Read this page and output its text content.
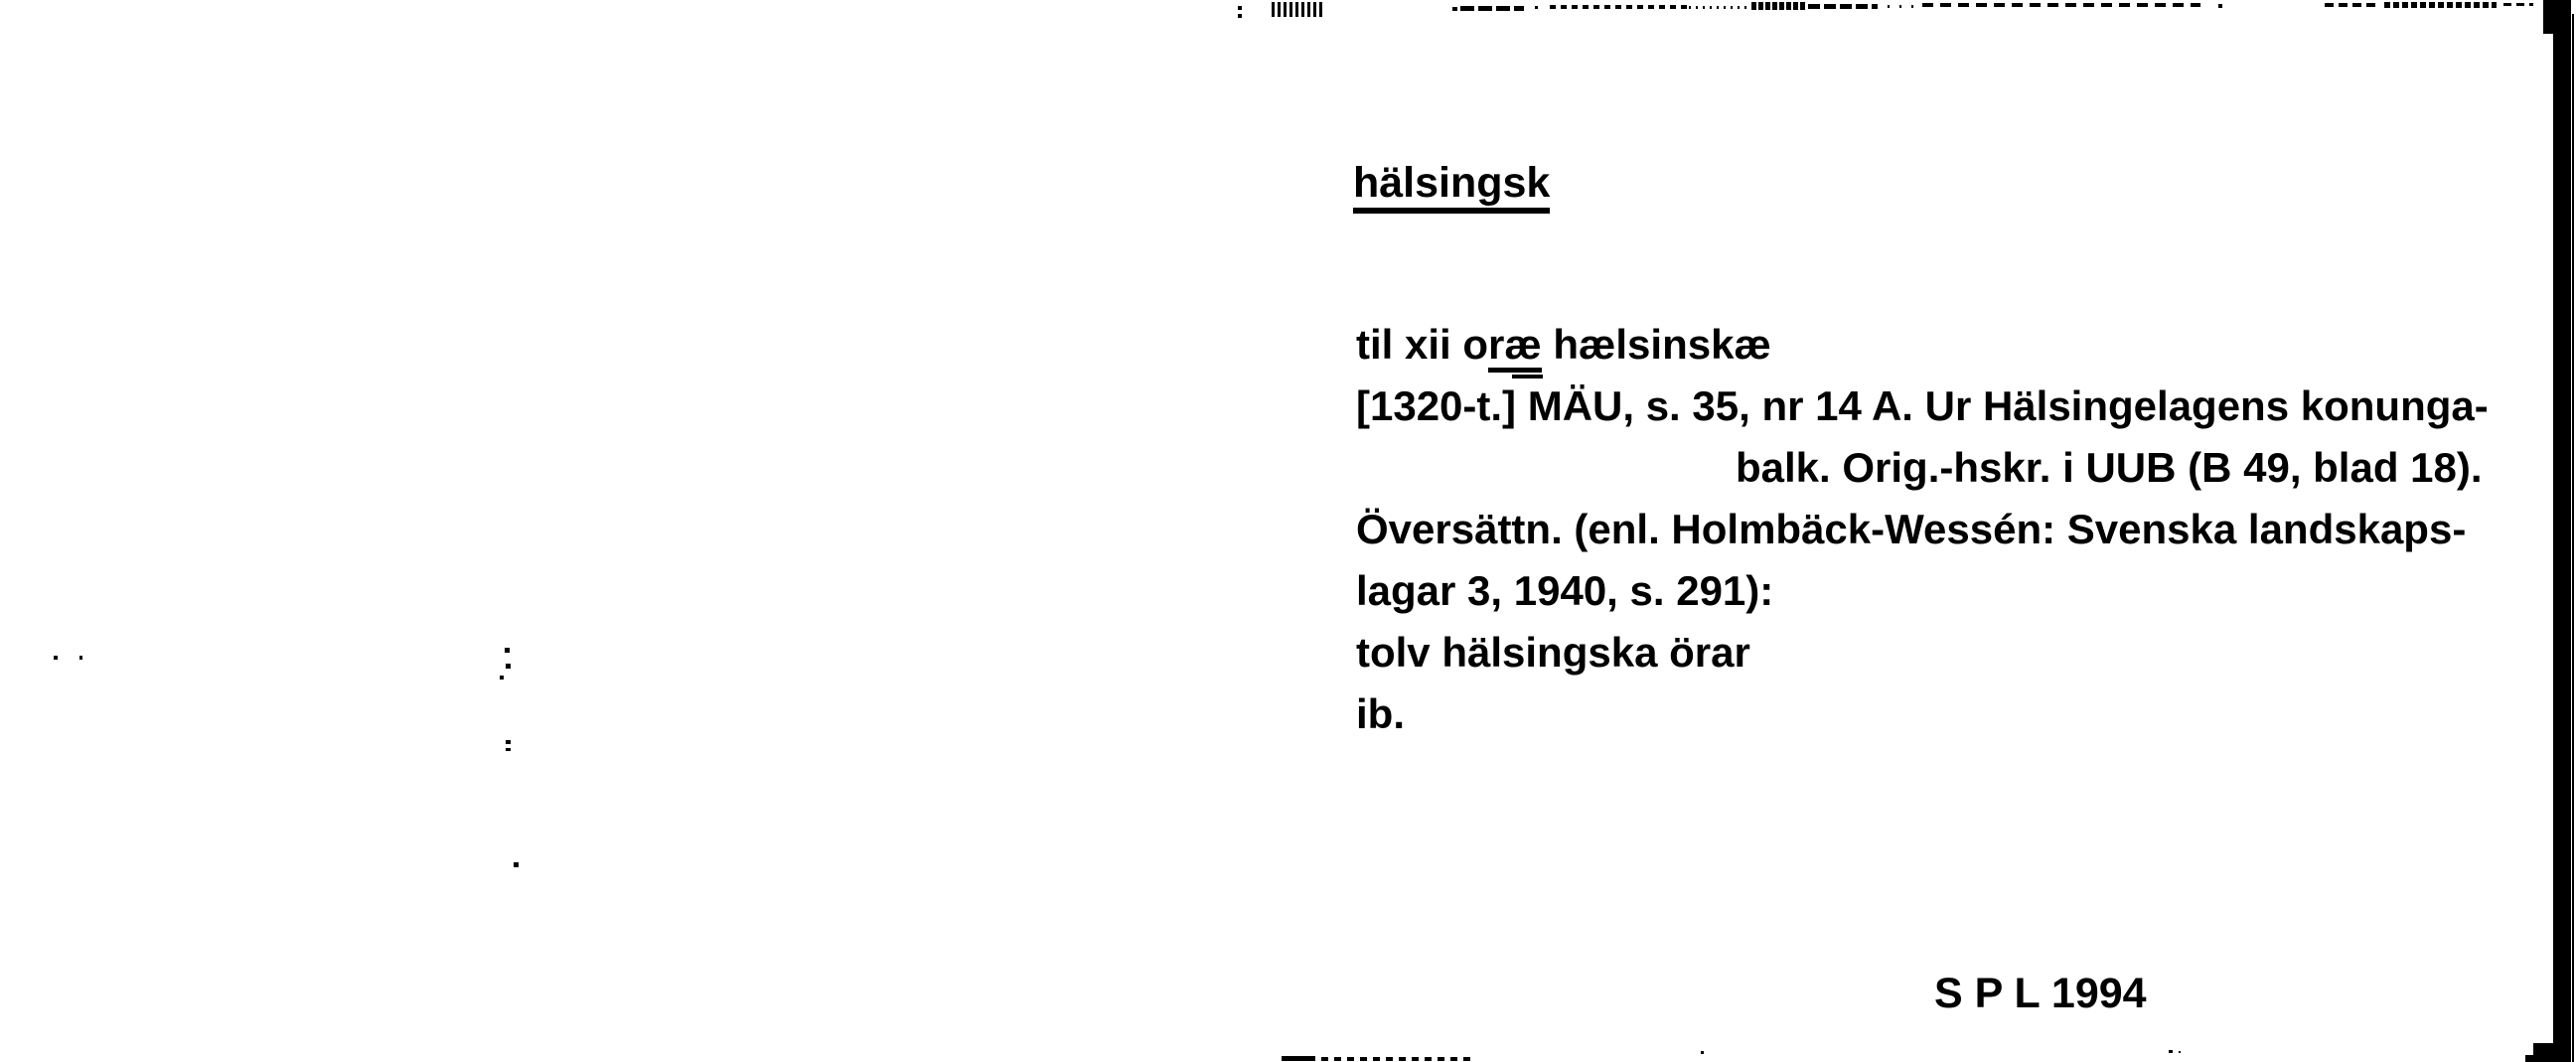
hälsingsk
til xii oræ hælsinskæ
[1320-t.] MÄU, s. 35, nr 14 A. Ur Hälsingelagens konunga-
balk. Orig.-hskr. i UUB (B 49, blad 18).
Översättn. (enl. Holmbäck-Wessén: Svenska landskaps-
lagar 3, 1940, s. 291):
tolv hälsingska örar
ib.
S P L 1994
